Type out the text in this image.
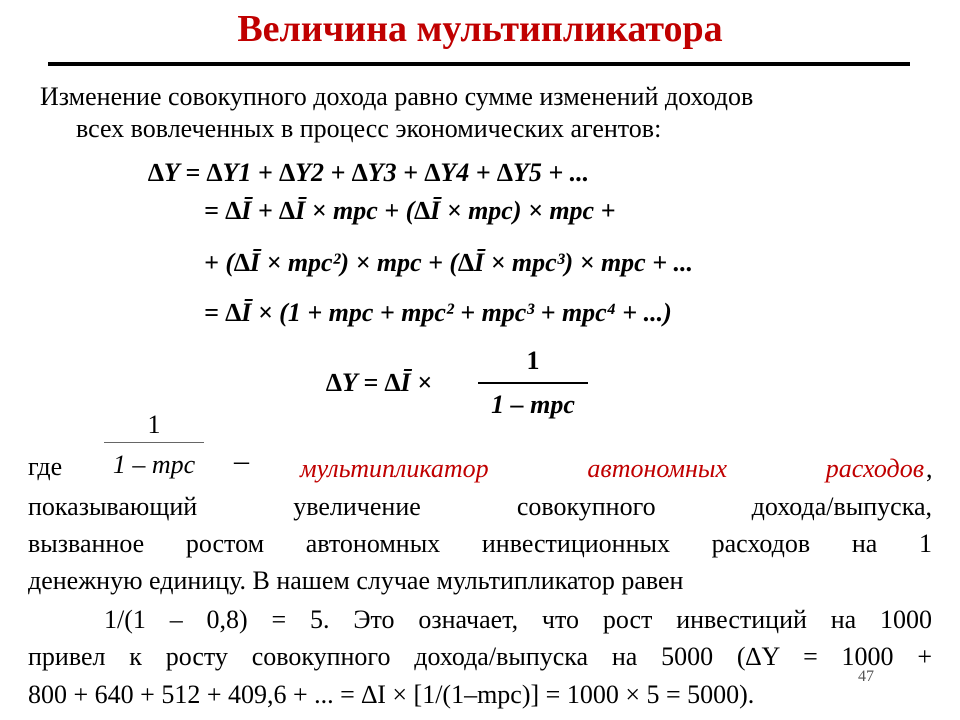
Величина мультипликатора
Изменение совокупного дохода равно сумме изменений доходов
всех вовлеченных в процесс экономических агентов:
∆Y = ∆Y1 + ∆Y2 + ∆Y3 + ∆Y4 + ∆Y5 + ...
= ∆Ī + ∆Ī × mpc + (∆Ī × mpc) × mpc +
+ (∆Ī × mpc²) × mpc + (∆Ī × mpc³) × mpc + ...
= ∆Ī × (1 + mpc + mpc² + mpc³ + mpc⁴ + ...)
∆Y = ∆Ī ×
1
1 – mpc
1
1 – mpc
где	– мультипликатор автономных расходов ,
показывающий увеличение совокупного дохода/выпуска,
вызванное ростом автономных инвестиционных расходов на 1
денежную единицу. В нашем случае мультипликатор равен
1/(1 – 0,8) = 5. Это означает, что рост инвестиций на 1000
привел к росту совокупного дохода/выпуска на 5000 (∆Y = 1000 +
800 + 640 + 512 + 409,6 + ... = ∆I × [1/(1–mpc)] = 1000 × 5 = 5000).
47
